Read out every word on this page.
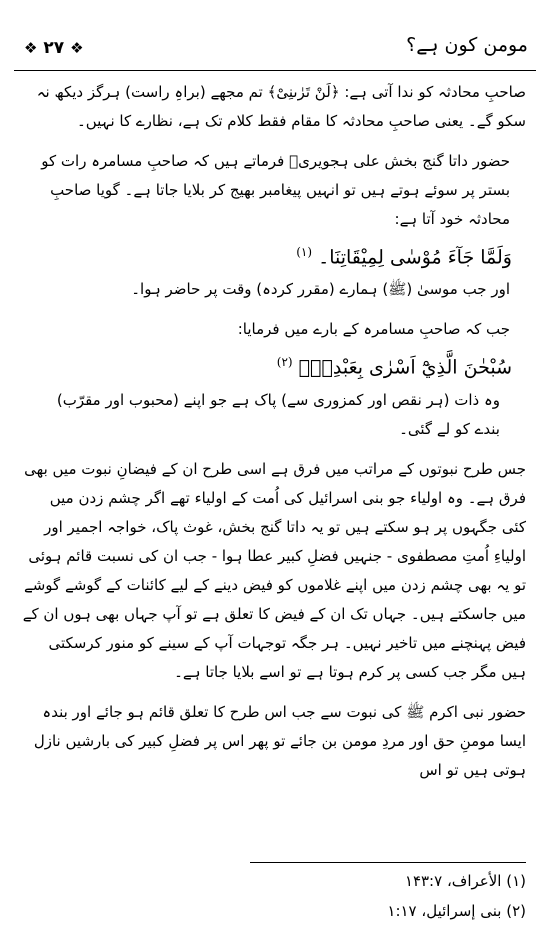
❖ ۲۷ ❖	مومن کون ہے؟

صاحبِ محادثہ کو ندا آتی ہے: ﴿لَنْ تَرٰىنِیْ﴾ تم مجھے (براہِ راست) ہرگز دیکھ نہ سکو گے۔ یعنی صاحبِ محادثہ کا مقام فقط کلام تک ہے، نظارے کا نہیں۔

حضور داتا گنج بخش علی ہجویریؒ فرماتے ہیں کہ صاحبِ مسامرہ رات کو بستر پر سوئے ہوتے ہیں تو انہیں پیغامبر بھیج کر بلایا جاتا ہے۔ گویا صاحبِ محادثہ خود آتا ہے:

وَلَمَّا جَآءَ مُوْسٰى لِمِيْقَاتِنَا۔ $^{(۱)}$

اور جب موسیٰ (ﷺ) ہمارے (مقرر کردہ) وقت پر حاضر ہوا۔

جب کہ صاحبِ مسامرہ کے بارے میں فرمایا:

سُبْحٰنَ الَّذِيْٓ اَسْرٰى بِعَبْدِهٖ۔ $^{(۲)}$

وہ ذات (ہر نقص اور کمزوری سے) پاک ہے جو اپنے (محبوب اور مقرّب) بندے کو لے گئی۔

جس طرح نبوتوں کے مراتب میں فرق ہے اسی طرح ان کے فیضانِ نبوت میں بھی فرق ہے۔ وہ اولیاء جو بنی اسرائیل کی اُمت کے اولیاء تھے اگر چشم زدن میں کئی جگہوں پر ہو سکتے ہیں تو یہ داتا گنج بخش، غوث پاک، خواجہ اجمیر اور اولیاءِ اُمتِ مصطفوی - جنہیں فضلِ کبیر عطا ہوا - جب ان کی نسبت قائم ہوئی تو یہ بھی چشم زدن میں اپنے غلاموں کو فیض دینے کے لیے کائنات کے گوشے گوشے میں جاسکتے ہیں۔ جہاں تک ان کے فیض کا تعلق ہے تو آپ جہاں بھی ہوں ان کے فیض پہنچنے میں تاخیر نہیں۔ ہر جگہ توجہات آپ کے سینے کو منور کرسکتی ہیں مگر جب کسی پر کرم ہوتا ہے تو اسے بلایا جاتا ہے۔

حضور نبی اکرم ﷺ کی نبوت سے جب اس طرح کا تعلق قائم ہو جائے اور بندہ ایسا مومنِ حق اور مردِ مومن بن جائے تو پھر اس پر فضلِ کبیر کی بارشیں نازل ہوتی ہیں تو اس

(۱) الأعراف، ۱۴۳:۷

(۲) بنی إسرائيل، ۱:۱۷
